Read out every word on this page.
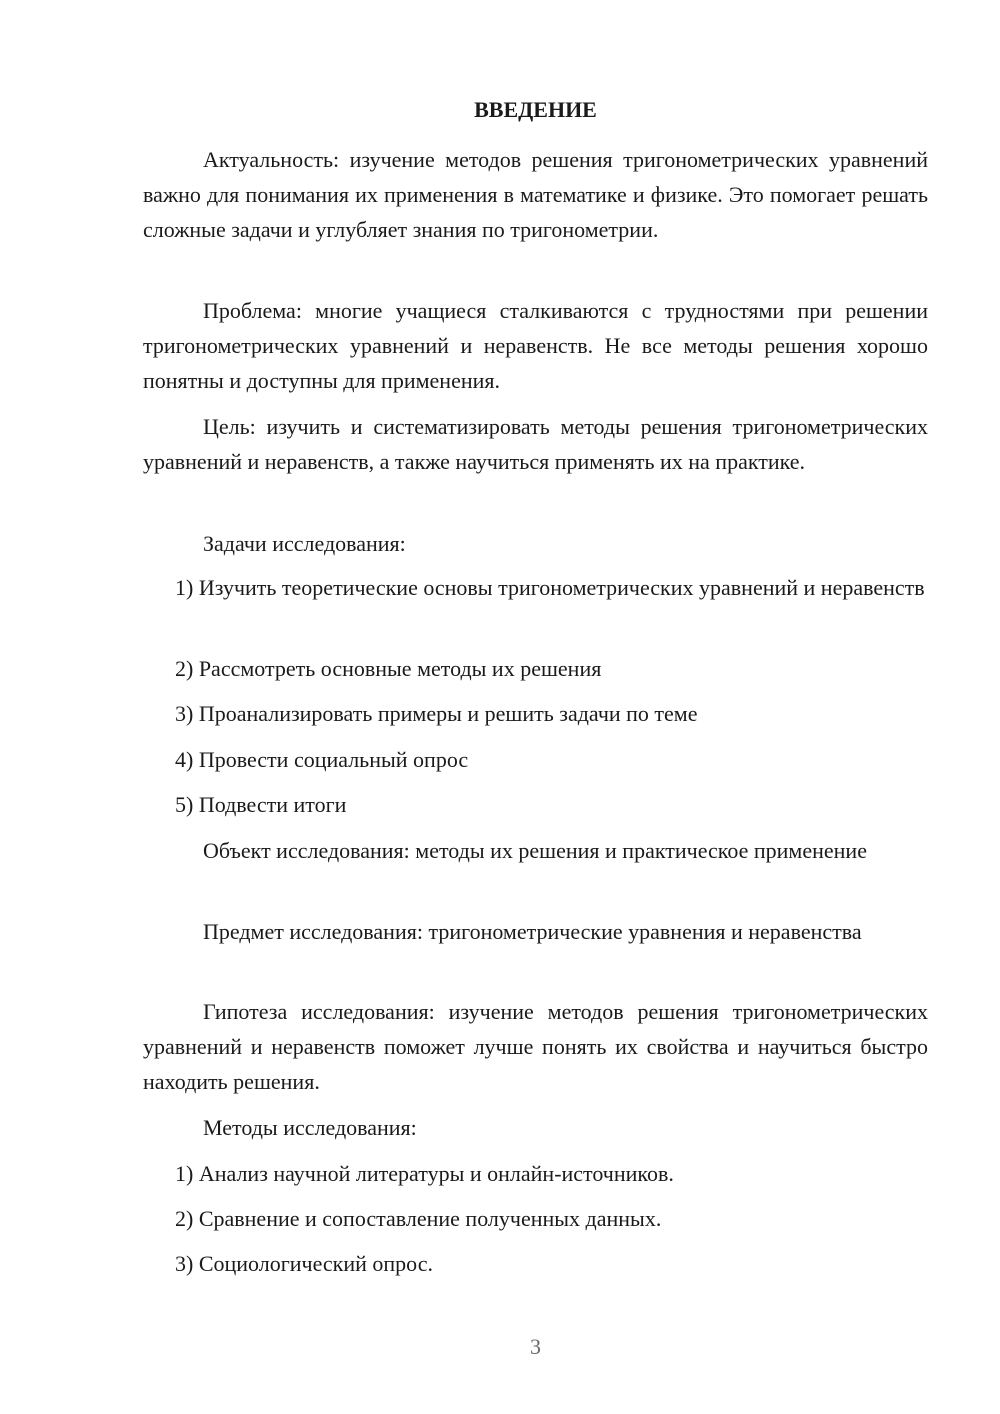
ВВЕДЕНИЕ

Актуальность: изучение методов решения тригонометрических уравнений важно для понимания их применения в математике и физике. Это помогает решать сложные задачи и углубляет знания по тригонометрии.

Проблема: многие учащиеся сталкиваются с трудностями при решении тригонометрических уравнений и неравенств. Не все методы решения хорошо понятны и доступны для применения.

Цель: изучить и систематизировать методы решения тригонометрических уравнений и неравенств, а также научиться применять их на практике.

Задачи исследования:

1) Изучить теоретические основы тригонометрических уравнений и неравенств

2) Рассмотреть основные методы их решения

3) Проанализировать примеры и решить задачи по теме

4) Провести социальный опрос

5) Подвести итоги

Объект исследования: методы их решения и практическое применение

Предмет исследования: тригонометрические уравнения и неравенства

Гипотеза исследования: изучение методов решения тригонометрических уравнений и неравенств поможет лучше понять их свойства и научиться быстро находить решения.

Методы исследования:

1) Анализ научной литературы и онлайн-источников.

2) Сравнение и сопоставление полученных данных.

3) Социологический опрос.

3
